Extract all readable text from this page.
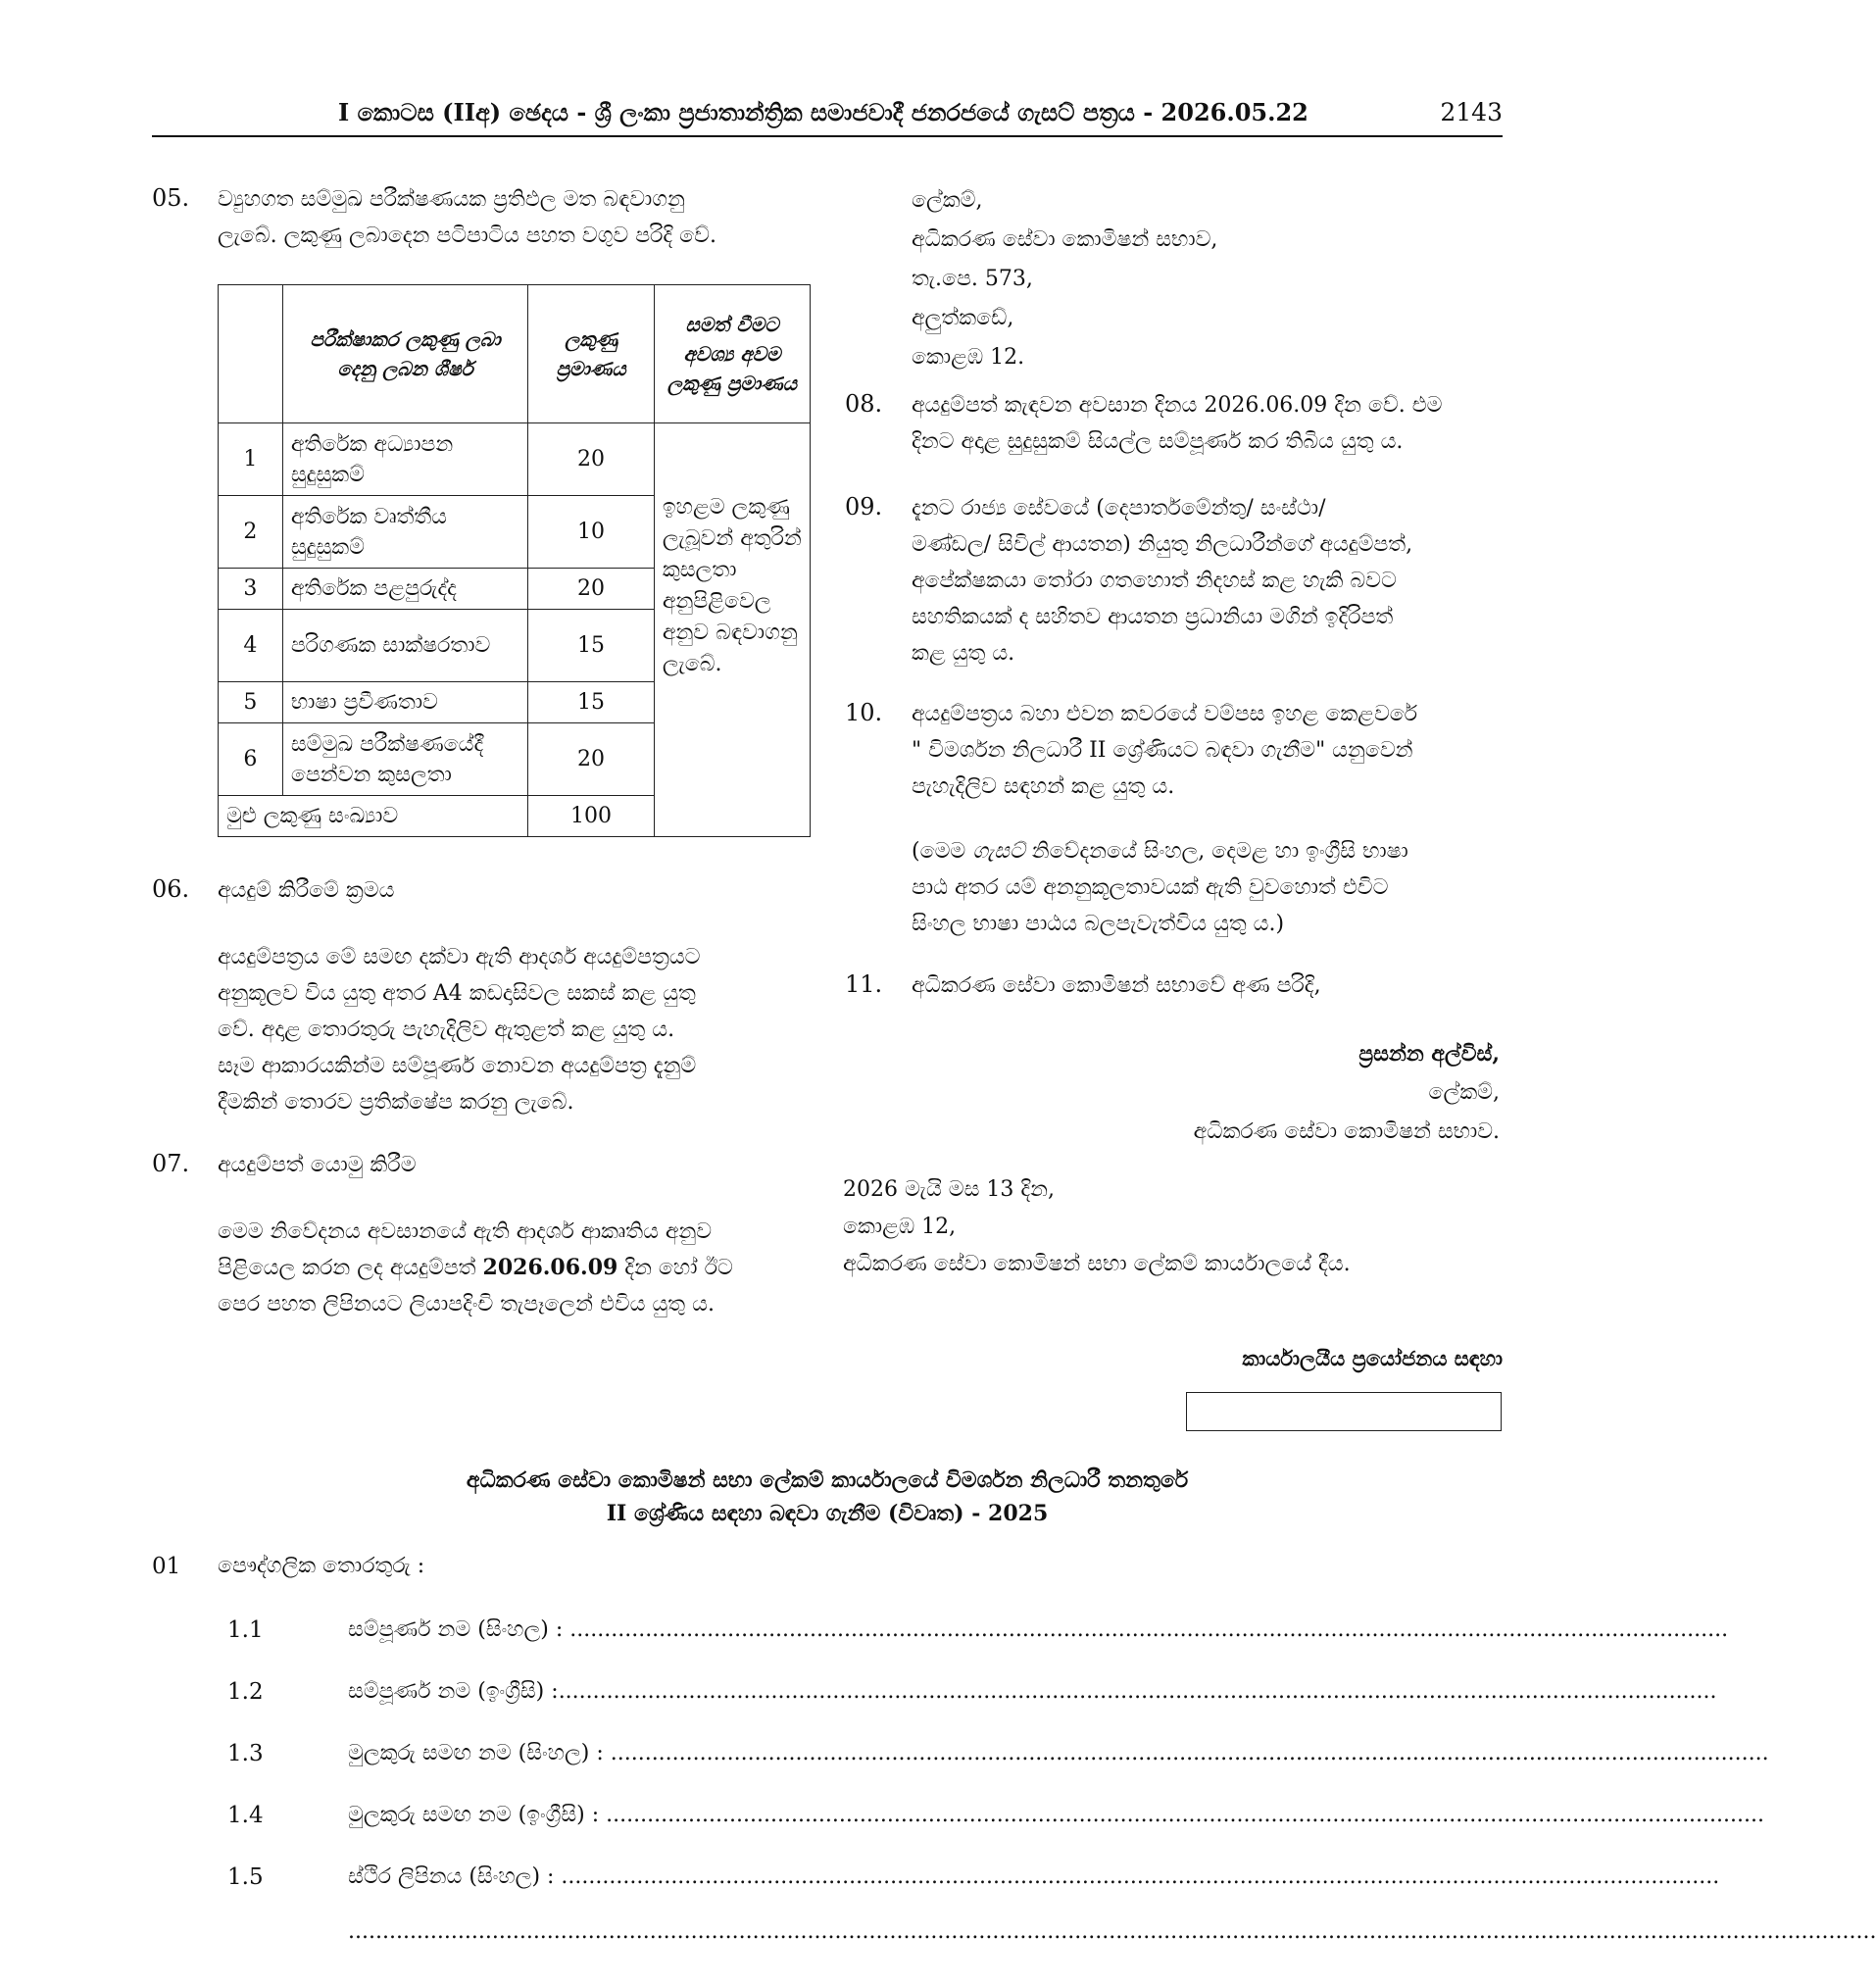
I කොටස (IIඅ) ඡෙදය - ශ්‍රී ලංකා ප්‍රජාතාන්ත්‍රික සමාජවාදී ජනරජයේ ගැසට් පත්‍රය - 2026.05.22	2143
05. ව්‍යුහගත සම්මුඛ පරීක්ෂණයක ප්‍රතිඵල මත බඳවාගනු
ලැබේ. ලකුණු ලබාදෙන පටිපාටිය පහත වගුව පරිදි වේ.
	පරීක්ෂාකර ලකුණු ලබා දෙනු ලබන ශීර්ෂ	ලකුණු ප්‍රමාණය	සමත් වීමට අවශ්‍ය අවම ලකුණු ප්‍රමාණය
1	අතිරේක අධ්‍යාපන සුදුසුකම්	20	ඉහළම ලකුණු ලැබූවන් අතුරින් කුසලතා අනුපිළිවෙල අනුව බඳවාගනු ලැබේ.
2	අතිරේක වෘත්තීය සුදුසුකම්	10	
3	අතිරේක පළපුරුද්ද	20	
4	පරිගණක සාක්ෂරතාව	15	
5	භාෂා ප්‍රවීණතාව	15	
6	සම්මුඛ පරීක්ෂණයේදී පෙන්වන කුසලතා	20	
මුළු ලකුණු සංඛ්‍යාව		100	
06. අයදුම් කිරීමේ ක්‍රමය
අයදුම්පත්‍රය මේ සමඟ දක්වා ඇති ආදර්ශ අයදුම්පත්‍රයට
අනුකූලව විය යුතු අතර A4 කඩදාසිවල සකස් කළ යුතු
වේ. අදාළ තොරතුරු පැහැදිලිව ඇතුළත් කළ යුතු ය.
සෑම ආකාරයකින්ම සම්පූර්ණ නොවන අයදුම්පත්‍ර දැනුම්
දීමකින් තොරව ප්‍රතික්ෂේප කරනු ලැබේ.
07. අයදුම්පත් යොමු කිරීම
මෙම නිවේදනය අවසානයේ ඇති ආදර්ශ ආකෘතිය අනුව
පිළියෙල කරන ලද අයදුම්පත් 2026.06.09 දින හෝ ඊට
පෙර පහත ලිපිනයට ලියාපදිංචි තැපෑලෙන් එවිය යුතු ය.
ලේකම්,
අධිකරණ සේවා කොමිෂන් සභාව,
තැ.පෙ. 573,
අලුත්කඩේ,
කොළඹ 12.
08. අයදුම්පත් කැඳවන අවසාන දිනය 2026.06.09 දින වේ. එම
දිනට අදාළ සුදුසුකම් සියල්ල සම්පූර්ණ කර තිබිය යුතු ය.
09. දැනට රාජ්‍ය සේවයේ (දෙපාර්තමේන්තු/ සංස්ථා/
මණ්ඩල/ සිවිල් ආයතන) නියුතු නිලධාරීන්ගේ අයදුම්පත්,
අපේක්ෂකයා තෝරා ගතහොත් නිදහස් කළ හැකි බවට
සහතිකයක් ද සහිතව ආයතන ප්‍රධානියා මගින් ඉදිරිපත්
කළ යුතු ය.
10. අයදුම්පත්‍රය බහා එවන කවරයේ වම්පස ඉහළ කෙළවරේ
" විමර්ශන නිලධාරී II ශ්‍රේණියට බඳවා ගැනීම" යනුවෙන්
පැහැදිලිව සඳහන් කළ යුතු ය.
(මෙම ගැසට් නිවේදනයේ සිංහල, දෙමළ හා ඉංග්‍රීසි භාෂා
පාඨ අතර යම් අනනුකූලතාවයක් ඇති වුවහොත් එවිට
සිංහල භාෂා පාඨය බලපැවැත්විය යුතු ය.)
11. අධිකරණ සේවා කොමිෂන් සභාවේ අණ පරිදි,
ප්‍රසන්න අල්විස්,
ලේකම්,
අධිකරණ සේවා කොමිෂන් සභාව.
2026 මැයි මස 13 දින,
කොළඹ 12,
අධිකරණ සේවා කොමිෂන් සභා ලේකම් කාර්යාලයේ දීය.
කාර්යාලයීය ප්‍රයෝජනය සඳහා
අධිකරණ සේවා කොමිෂන් සභා ලේකම් කාර්යාලයේ විමර්ශන නිලධාරී තනතුරේ
II ශ්‍රේණිය සඳහා බඳවා ගැනීම (විවෘත) - 2025
01 පෞද්ගලික තොරතුරු :
1.1	සම්පූර්ණ නම (සිංහල) : .........................................................................................................................................................................
1.2	සම්පූර්ණ නම (ඉංග්‍රීසි) :.........................................................................................................................................................................
1.3	මුලකුරු සමඟ නම (සිංහල) : .........................................................................................................................................................................
1.4	මුලකුරු සමඟ නම (ඉංග්‍රීසි) : .........................................................................................................................................................................
1.5	ස්ථිර ලිපිනය (සිංහල) : .........................................................................................................................................................................
...............................................................................................................................................................................................................................
